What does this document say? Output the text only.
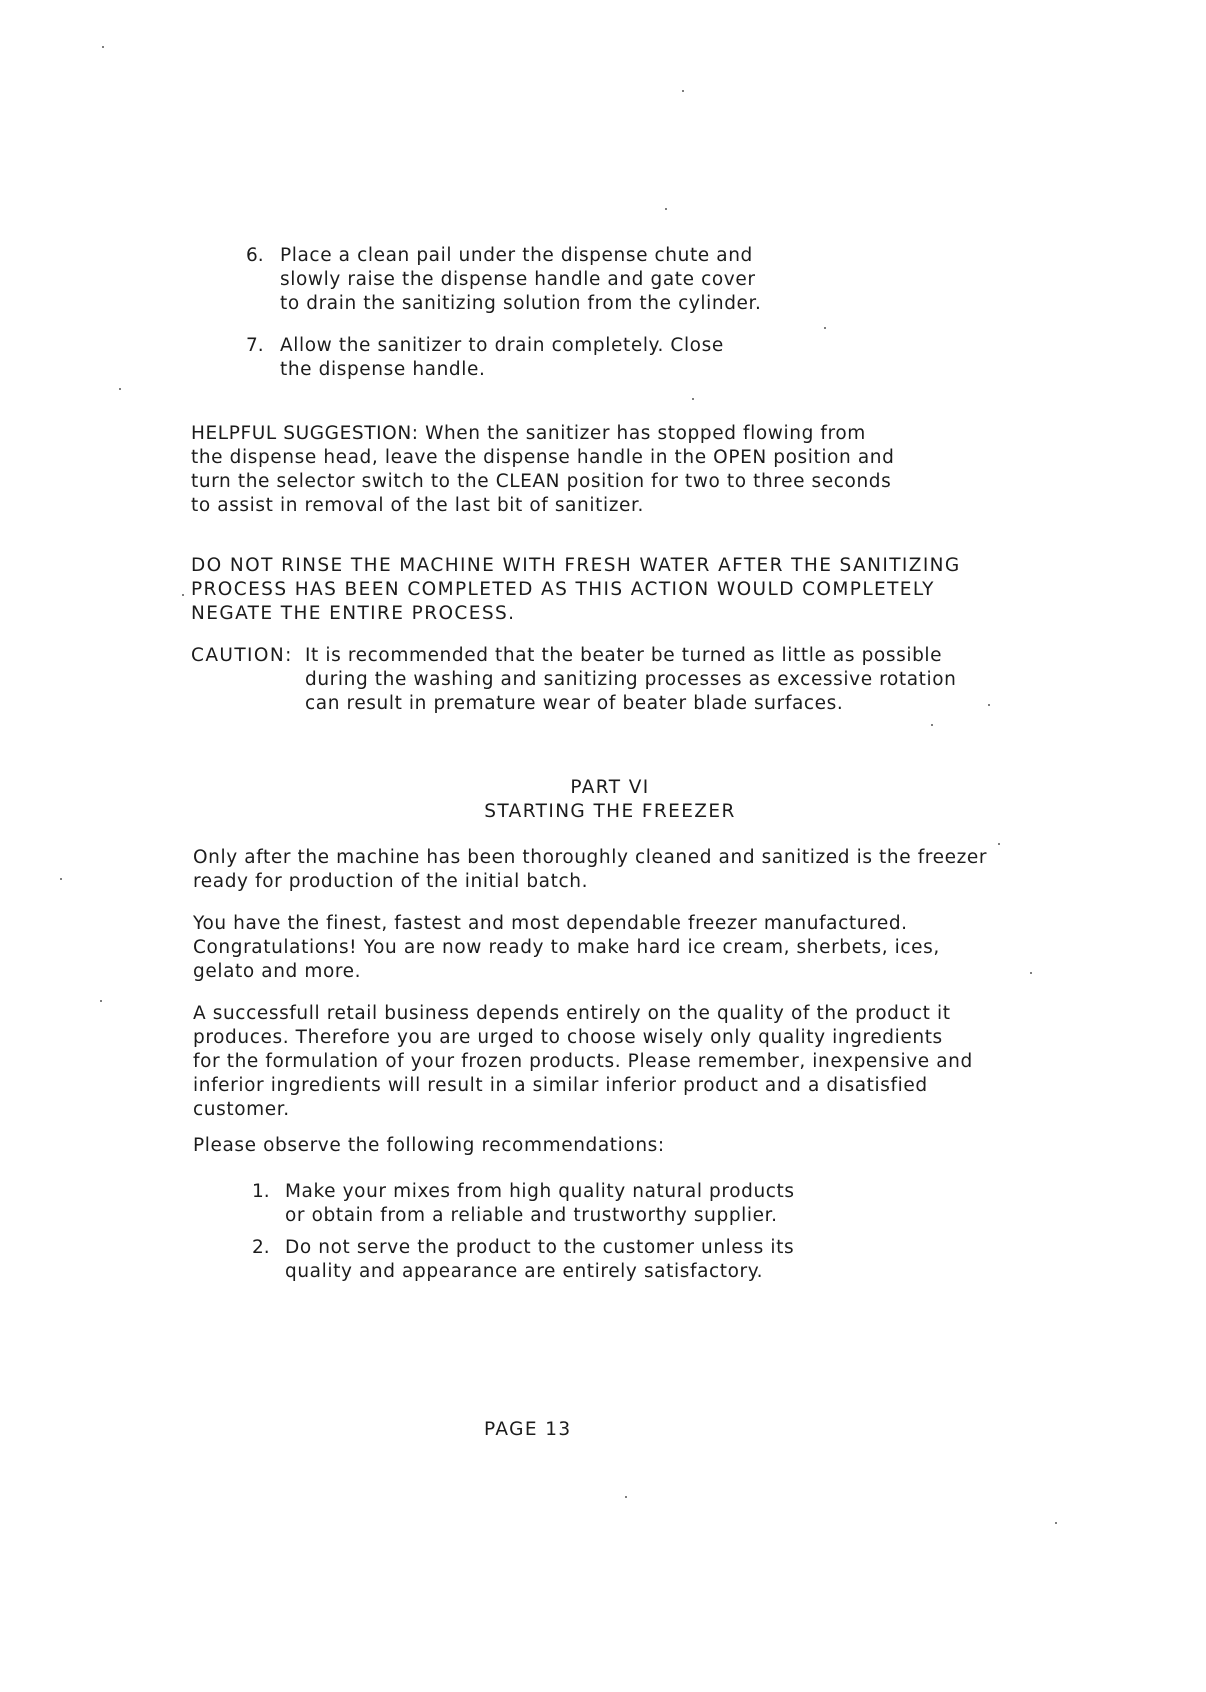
6. Place a clean pail under the dispense chute and
slowly raise the dispense handle and gate cover
to drain the sanitizing solution from the cylinder.
7. Allow the sanitizer to drain completely. Close
the dispense handle.
HELPFUL SUGGESTION: When the sanitizer has stopped flowing from
the dispense head, leave the dispense handle in the OPEN position and
turn the selector switch to the CLEAN position for two to three seconds
to assist in removal of the last bit of sanitizer.
DO NOT RINSE THE MACHINE WITH FRESH WATER AFTER THE SANITIZING
PROCESS HAS BEEN COMPLETED AS THIS ACTION WOULD COMPLETELY
NEGATE THE ENTIRE PROCESS.
CAUTION: It is recommended that the beater be turned as little as possible
during the washing and sanitizing processes as excessive rotation
can result in premature wear of beater blade surfaces.
PART VI
STARTING THE FREEZER
Only after the machine has been thoroughly cleaned and sanitized is the freezer
ready for production of the initial batch.
You have the finest, fastest and most dependable freezer manufactured.
Congratulations! You are now ready to make hard ice cream, sherbets, ices,
gelato and more.
A successfull retail business depends entirely on the quality of the product it
produces. Therefore you are urged to choose wisely only quality ingredients
for the formulation of your frozen products. Please remember, inexpensive and
inferior ingredients will result in a similar inferior product and a disatisfied
customer.
Please observe the following recommendations:
1. Make your mixes from high quality natural products
or obtain from a reliable and trustworthy supplier.
2. Do not serve the product to the customer unless its
quality and appearance are entirely satisfactory.
PAGE 13
